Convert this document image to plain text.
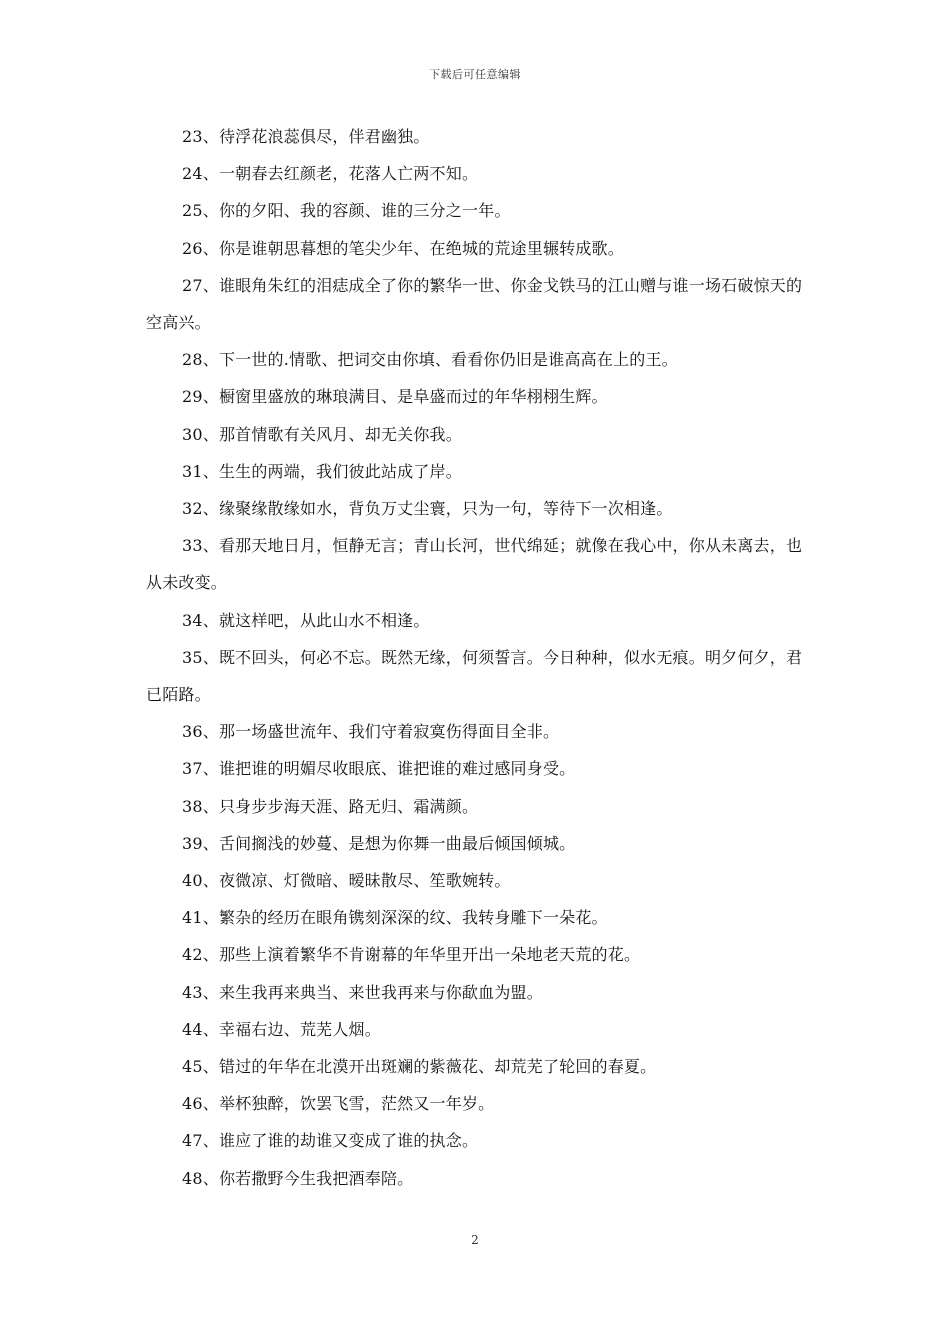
下载后可任意编辑

23、待浮花浪蕊俱尽，伴君幽独。

24、一朝春去红颜老，花落人亡两不知。

25、你的夕阳、我的容颜、谁的三分之一年。

26、你是谁朝思暮想的笔尖少年、在绝城的荒途里辗转成歌。

27、谁眼角朱红的泪痣成全了你的繁华一世、你金戈铁马的江山赠与谁一场石破惊天的空高兴。

28、下一世的.情歌、把词交由你填、看看你仍旧是谁高高在上的王。

29、橱窗里盛放的琳琅满目、是阜盛而过的年华栩栩生辉。

30、那首情歌有关风月、却无关你我。

31、生生的两端，我们彼此站成了岸。

32、缘聚缘散缘如水，背负万丈尘寰，只为一句，等待下一次相逢。

33、看那天地日月，恒静无言；青山长河，世代绵延；就像在我心中，你从未离去，也从未改变。

34、就这样吧，从此山水不相逢。

35、既不回头，何必不忘。既然无缘，何须誓言。今日种种，似水无痕。明夕何夕，君已陌路。

36、那一场盛世流年、我们守着寂寞伤得面目全非。

37、谁把谁的明媚尽收眼底、谁把谁的难过感同身受。

38、只身步步海天涯、路无归、霜满颜。

39、舌间搁浅的妙蔓、是想为你舞一曲最后倾国倾城。

40、夜微凉、灯微暗、暧昧散尽、笙歌婉转。

41、繁杂的经历在眼角镌刻深深的纹、我转身雕下一朵花。

42、那些上演着繁华不肯谢幕的年华里开出一朵地老天荒的花。

43、来生我再来典当、来世我再来与你歃血为盟。

44、幸福右边、荒芜人烟。

45、错过的年华在北漠开出斑斓的紫薇花、却荒芜了轮回的春夏。

46、举杯独醉，饮罢飞雪，茫然又一年岁。

47、谁应了谁的劫谁又变成了谁的执念。

48、你若撒野今生我把酒奉陪。

2
